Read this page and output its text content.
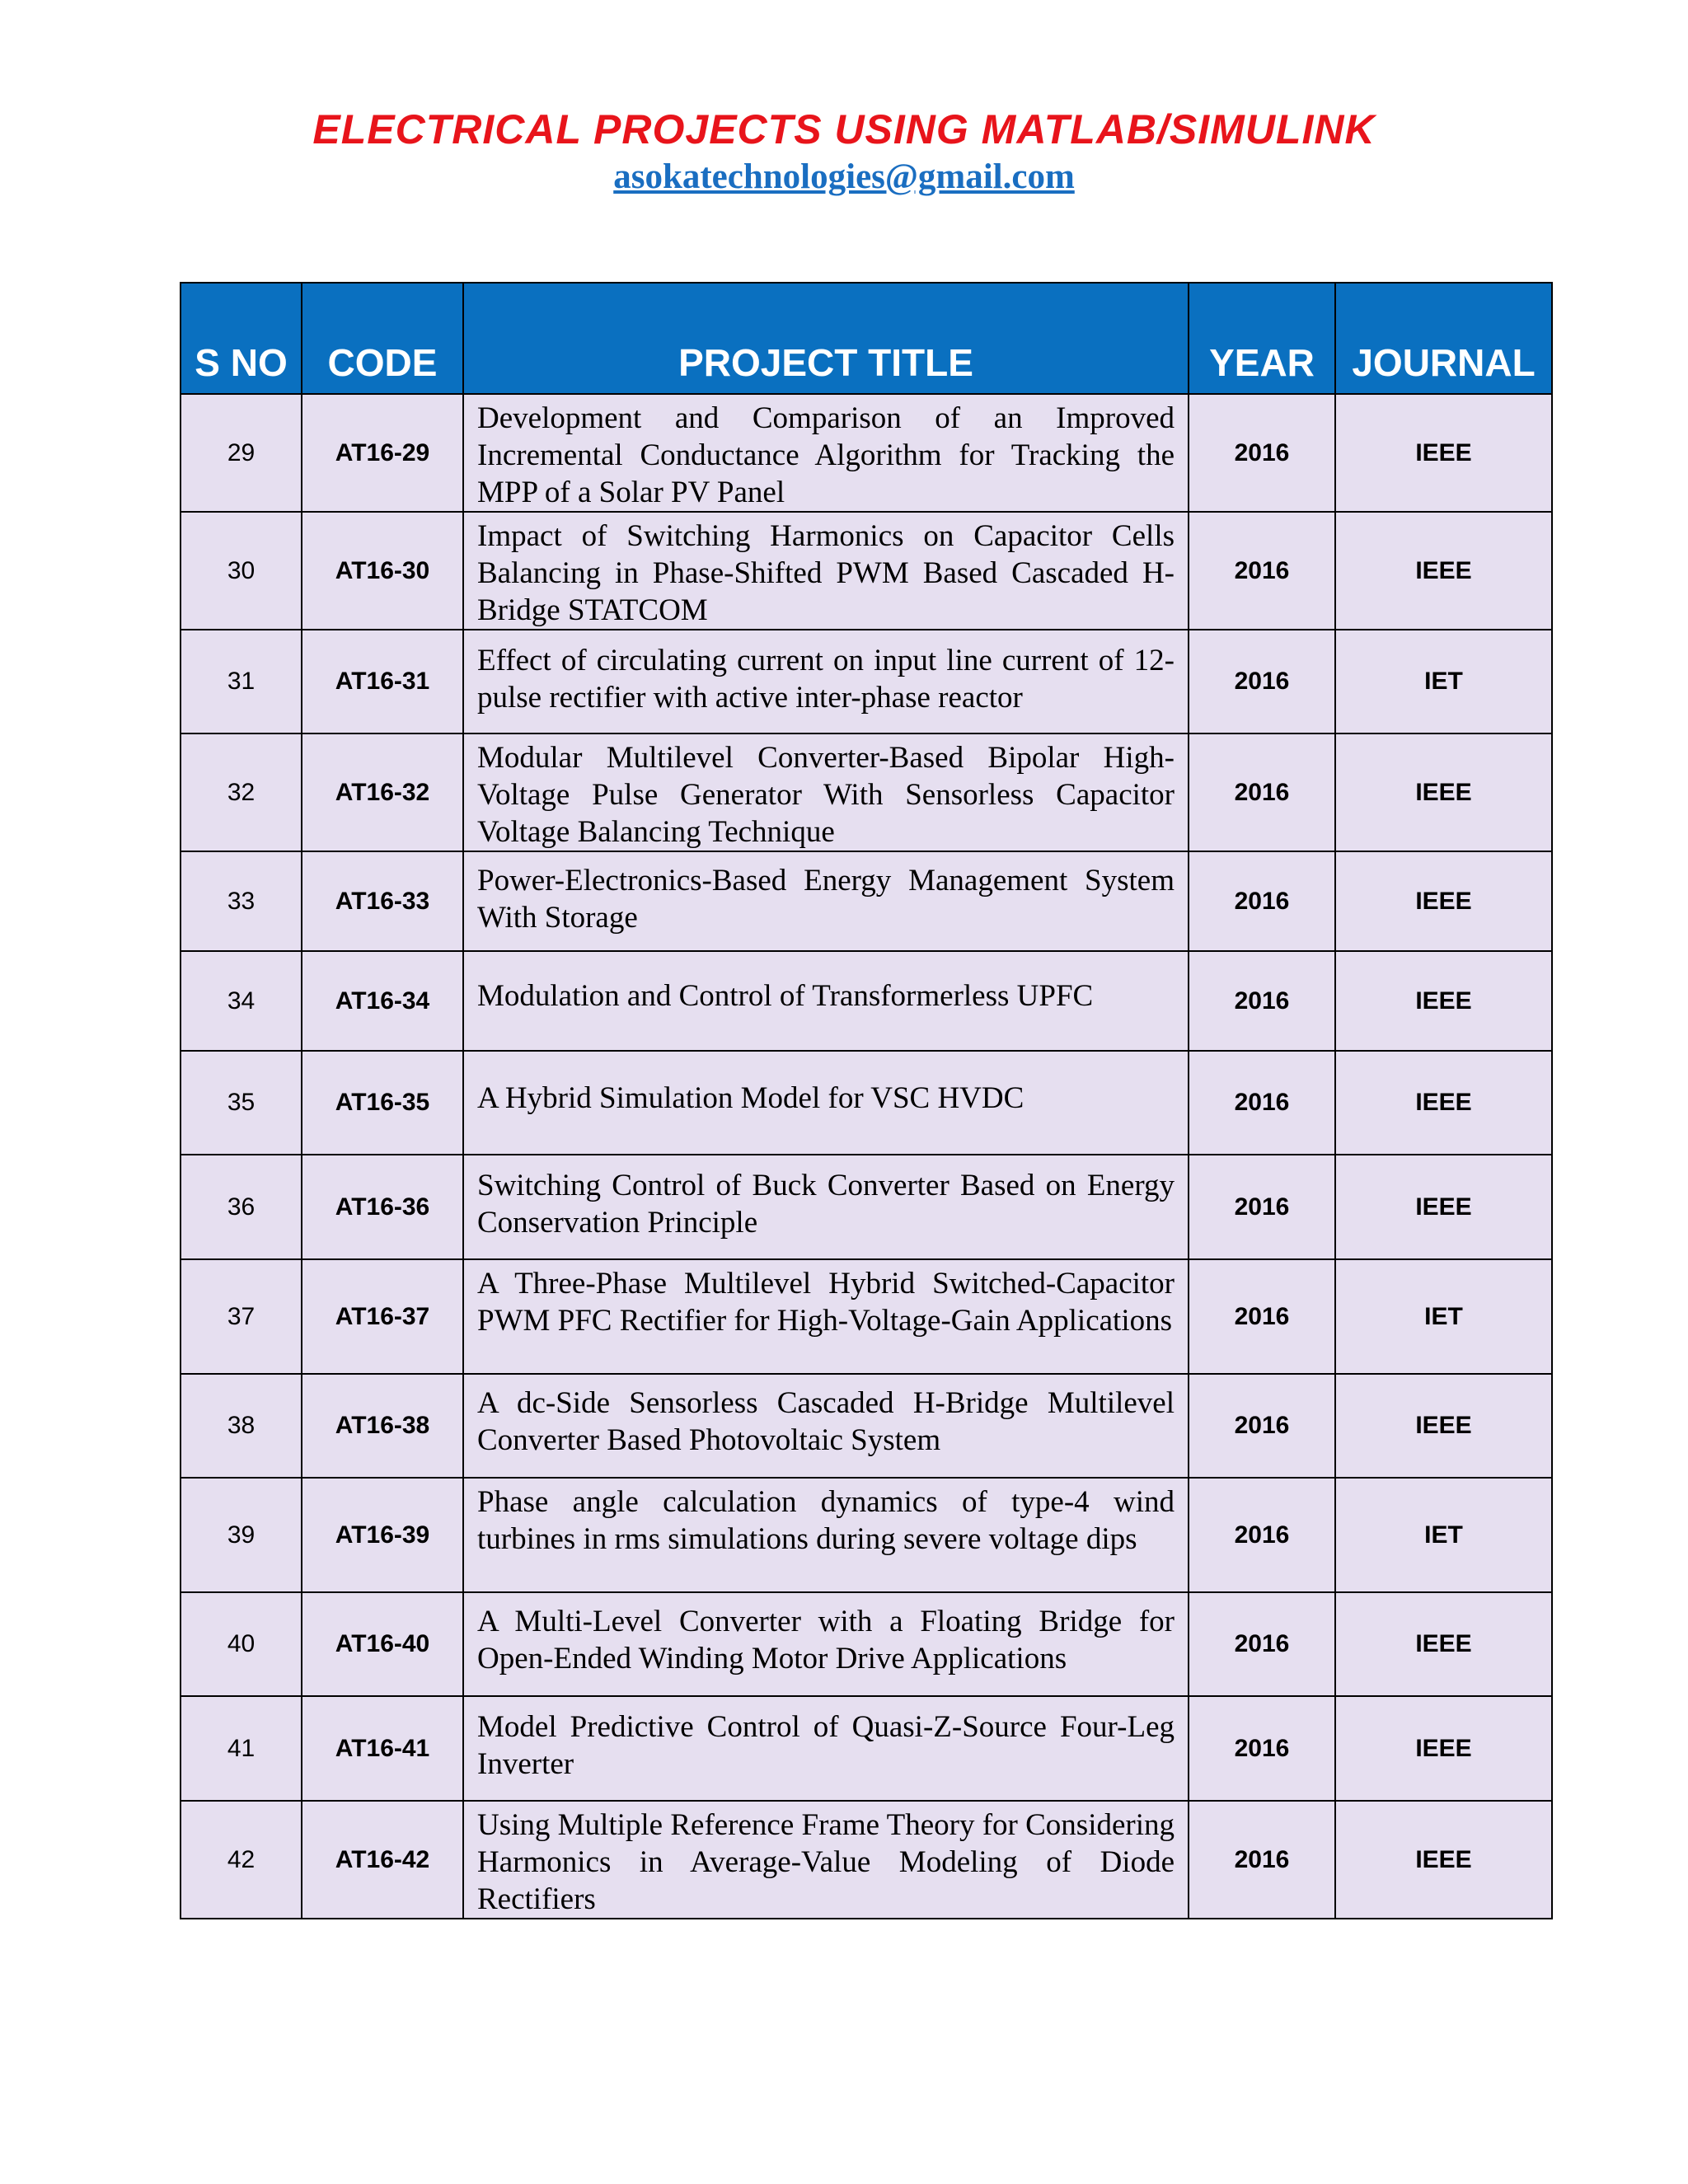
ELECTRICAL PROJECTS USING MATLAB/SIMULINK
asokatechnologies@gmail.com
S NO	CODE	PROJECT TITLE	YEAR	JOURNAL
29	AT16-29	Development and Comparison of an Improved Incremental Conductance Algorithm for Tracking the MPP of a Solar PV Panel	2016	IEEE
30	AT16-30	Impact of Switching Harmonics on Capacitor Cells Balancing in Phase-Shifted PWM Based Cascaded H-Bridge STATCOM	2016	IEEE
31	AT16-31	Effect of circulating current on input line current of 12-pulse rectifier with active inter-phase reactor	2016	IET
32	AT16-32	Modular Multilevel Converter-Based Bipolar High-Voltage Pulse Generator With Sensorless Capacitor Voltage Balancing Technique	2016	IEEE
33	AT16-33	Power-Electronics-Based Energy Management System With Storage	2016	IEEE
34	AT16-34	Modulation and Control of Transformerless UPFC	2016	IEEE
35	AT16-35	A Hybrid Simulation Model for VSC HVDC	2016	IEEE
36	AT16-36	Switching Control of Buck Converter Based on Energy Conservation Principle	2016	IEEE
37	AT16-37	A Three-Phase Multilevel Hybrid Switched-Capacitor PWM PFC Rectifier for High-Voltage-Gain Applications	2016	IET
38	AT16-38	A dc-Side Sensorless Cascaded H-Bridge Multilevel Converter Based Photovoltaic System	2016	IEEE
39	AT16-39	Phase angle calculation dynamics of type-4 wind turbines in rms simulations during severe voltage dips	2016	IET
40	AT16-40	A Multi-Level Converter with a Floating Bridge for Open-Ended Winding Motor Drive Applications	2016	IEEE
41	AT16-41	Model Predictive Control of Quasi-Z-Source Four-Leg Inverter	2016	IEEE
42	AT16-42	Using Multiple Reference Frame Theory for Considering Harmonics in Average-Value Modeling of Diode Rectifiers	2016	IEEE
